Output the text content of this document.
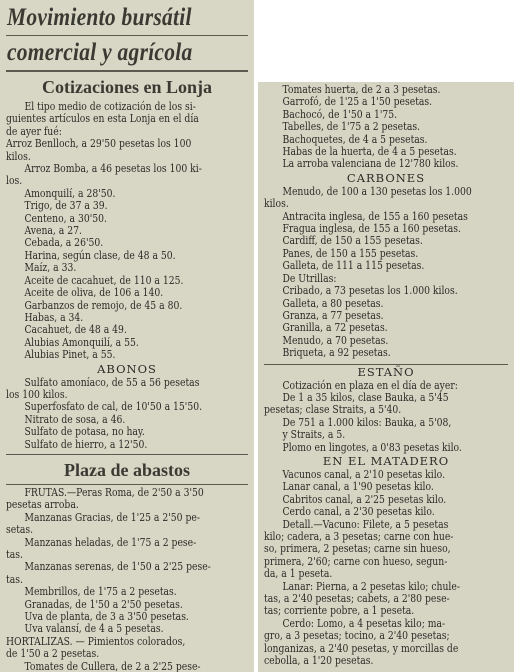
Movimiento bursátil
comercial y agrícola
Cotizaciones en Lonja

El tipo medio de cotización de los si-

guientes artículos en esta Lonja en el día

de ayer fué:

Arroz Benlloch, a 29'50 pesetas los 100

kilos.

Arroz Bomba, a 46 pesetas los 100 ki-

los.

Amonquilí, a 28'50.

Trigo, de 37 a 39.

Centeno, a 30'50.

Avena, a 27.

Cebada, a 26'50.

Harina, según clase, de 48 a 50.

Maíz, a 33.

Aceite de cacahuet, de 110 a 125.

Aceite de oliva, de 106 a 140.

Garbanzos de remojo, de 45 a 80.

Habas, a 34.

Cacahuet, de 48 a 49.

Alubias Amonquilí, a 55.

Alubias Pinet, a 55.

ABONOS

Sulfato amoníaco, de 55 a 56 pesetas

los 100 kilos.

Superfosfato de cal, de 10'50 a 15'50.

Nitrato de sosa, a 46.

Sulfato de potasa, no hay.

Sulfato de hierro, a 12'50.

Plaza de abastos

FRUTAS.—Peras Roma, de 2'50 a 3'50

pesetas arroba.

Manzanas Gracias, de 1'25 a 2'50 pe-

setas.

Manzanas heladas, de 1'75 a 2 pese-

tas.

Manzanas serenas, de 1'50 a 2'25 pese-

tas.

Membrillos, de 1'75 a 2 pesetas.

Granadas, de 1'50 a 2'50 pesetas.

Uva de planta, de 3 a 3'50 pesetas.

Uva valansí, de 4 a 5 pesetas.

HORTALIZAS. — Pimientos colorados,

de 1'50 a 2 pesetas.

Tomates de Cullera, de 2 a 2'25 pese-

Tomates huerta, de 2 a 3 pesetas.

Garrofó, de 1'25 a 1'50 pesetas.

Bachocó, de 1'50 a 1'75.

Tabelles, de 1'75 a 2 pesetas.

Bachoquetes, de 4 a 5 pesetas.

Habas de la huerta, de 4 a 5 pesetas.

La arroba valenciana de 12'780 kilos.

CARBONES

Menudo, de 100 a 130 pesetas los 1.000

kilos.

Antracita inglesa, de 155 a 160 pesetas

Fragua inglesa, de 155 a 160 pesetas.

Cardiff, de 150 a 155 pesetas.

Panes, de 150 a 155 pesetas.

Galleta, de 111 a 115 pesetas.

De Utrillas:

Cribado, a 73 pesetas los 1.000 kilos.

Galleta, a 80 pesetas.

Granza, a 77 pesetas.

Granilla, a 72 pesetas.

Menudo, a 70 pesetas.

Briqueta, a 92 pesetas.

ESTAÑO

Cotización en plaza en el día de ayer:

De 1 a 35 kilos, clase Bauka, a 5'45

pesetas; clase Straits, a 5'40.

De 751 a 1.000 kilos: Bauka, a 5'08,

y Straits, a 5.

Plomo en lingotes, a 0'83 pesetas kilo.

EN EL MATADERO

Vacunos canal, a 2'10 pesetas kilo.

Lanar canal, a 1'90 pesetas kilo.

Cabritos canal, a 2'25 pesetas kilo.

Cerdo canal, a 2'30 pesetas kilo.

Detall.—Vacuno: Filete, a 5 pesetas

kilo; cadera, a 3 pesetas; carne con hue-

so, primera, 2 pesetas; carne sin hueso,

primera, 2'60; carne con hueso, segun-

da, a 1 peseta.

Lanar: Pierna, a 2 pesetas kilo; chule-

tas, a 2'40 pesetas; cabets, a 2'80 pese-

tas; corriente pobre, a 1 peseta.

Cerdo: Lomo, a 4 pesetas kilo; ma-

gro, a 3 pesetas; tocino, a 2'40 pesetas;

longanizas, a 2'40 pesetas, y morcillas de

cebolla, a 1'20 pesetas.
